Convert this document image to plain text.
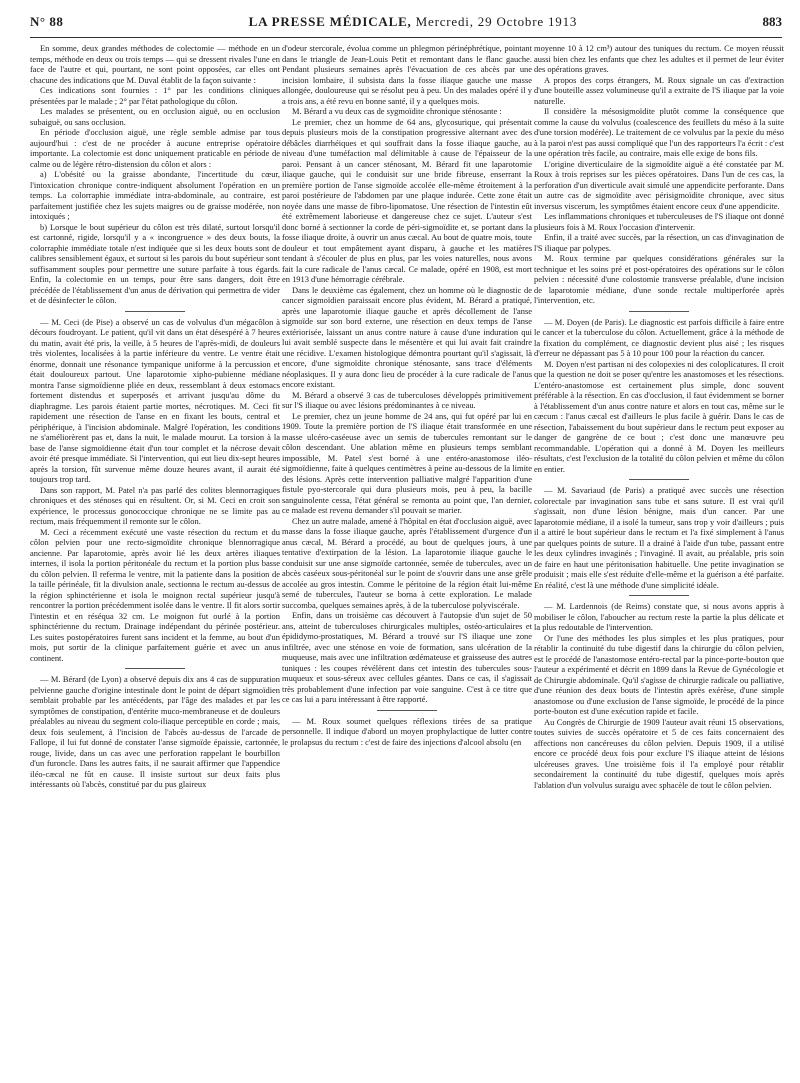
N° 88	LA PRESSE MÉDICALE, Mercredi, 29 Octobre 1913	883

En somme, deux grandes méthodes de colectomie — méthode en un temps, méthode en deux ou trois temps — qui se dressent rivales l'une en face de l'autre et qui, pourtant, ne sont point opposées, car elles ont chacune des indications que M. Duval établit de la façon suivante :

Ces indications sont fournies : 1° par les conditions cliniques présentées par le malade ; 2° par l'état pathologique du côlon.

Les malades se présentent, ou en occlusion aiguë, ou en occlusion subaiguë, ou sans occlusion.

En période d'occlusion aiguë, une règle semble admise par tous aujourd'hui : c'est de ne procéder à aucune entreprise opératoire importante. La colectomie est donc uniquement praticable en période de calme ou de légère rétro-distension du côlon et alors :

a) L'obésité ou la graisse abondante, l'incertitude du cœur, l'intoxication chronique contre-indiquent absolument l'opération en un temps. La colorraphie immédiate intra-abdominale, au contraire, est parfaitement justifiée chez les sujets maigres ou de graisse modérée, non intoxiqués ;

b) Lorsque le bout supérieur du côlon est très dilaté, surtout lorsqu'il est cartonné, rigide, lorsqu'il y a « incongruence » des deux bouts, la colorraphie immédiate totale n'est indiquée que si les deux bouts sont de calibres sensiblement égaux, et surtout si les parois du bout supérieur sont suffisamment souples pour permettre une suture parfaite à tous égards. Enfin, la colectomie en un temps, pour être sans dangers, doit être précédée de l'établissement d'un anus de dérivation qui permettra de vider et de désinfecter le côlon.

— M. Ceci (de Pise) a observé un cas de volvulus d'un mégacôlon à décours foudroyant. Le patient, qu'il vit dans un état désespéré à 7 heures du matin, avait été pris, la veille, à 5 heures de l'après-midi, de douleurs très violentes, localisées à la partie inférieure du ventre. Le ventre était énorme, donnait une résonance tympanique uniforme à la percussion et était douloureux partout. Une laparotomie xipho-pubienne médiane montra l'anse sigmoïdienne pliée en deux, ressemblant à deux estomacs fortement distendus et superposés et arrivant jusqu'au dôme du diaphragme. Les parois étaient partie mortes, nécrotiques. M. Ceci fit rapidement une résection de l'anse en en fixant les bouts, central et périphérique, à l'incision abdominale. Malgré l'opération, les conditions ne s'améliorèrent pas et, dans la nuit, le malade mourut. La torsion à la base de l'anse sigmoïdienne était d'un tour complet et la nécrose devait avoir été presque immédiate. Si l'intervention, qui eut lieu dix-sept heures après la torsion, fût survenue même douze heures avant, il aurait été toujours trop tard.

Dans son rapport, M. Patel n'a pas parlé des colites blennorragiques chroniques et des sténoses qui en résultent. Or, si M. Ceci en croit son expérience, le processus gonococcique chronique ne se limite pas au rectum, mais fréquemment il remonte sur le côlon.

M. Ceci a récemment exécuté une vaste résection du rectum et du côlon pelvien pour une recto-sigmoïdite chronique blennorragique ancienne. Par laparotomie, après avoir lié les deux artères iliaques internes, il isola la portion péritonéale du rectum et la portion plus basse du côlon pelvien. Il referma le ventre, mit la patiente dans la position de la taille périnéale, fit la divulsion anale, sectionna le rectum au-dessus de la région sphinctérienne et isola le moignon rectal supérieur jusqu'à rencontrer la portion précédemment isolée dans le ventre. Il fit alors sortir l'intestin et en réséqua 32 cm. Le moignon fut ourlé à la portion sphinctérienne du rectum. Drainage indépendant du périnée postérieur. Les suites postopératoires furent sans incident et la femme, au bout d'un mois, put sortir de la clinique parfaitement guérie et avec un anus continent.

— M. Bérard (de Lyon) a observé depuis dix ans 4 cas de suppuration pelvienne gauche d'origine intestinale dont le point de départ sigmoïdien semblait probable par les antécédents, par l'âge des malades et par les symptômes de constipation, d'entérite muco-membraneuse et de douleurs préalables au niveau du segment colo-iliaque perceptible en corde ; mais, deux fois seulement, à l'incision de l'abcès au-dessus de l'arcade de Fallope, il lui fut donné de constater l'anse sigmoïde épaissie, cartonnée, rouge, livide, dans un cas avec une perforation rappelant le bourbillon d'un furoncle. Dans les autres faits, il ne saurait affirmer que l'appendice iléo-cæcal ne fût en cause. Il insiste surtout sur deux faits plus intéressants où l'abcès, constitué par du pus glaireux

d'odeur stercorale, évolua comme un phlegmon périnéphrétique, pointant dans le triangle de Jean-Louis Petit et remontant dans le flanc gauche. Pendant plusieurs semaines après l'évacuation de ces abcès par une incision lombaire, il subsista dans la fosse iliaque gauche une masse allongée, douloureuse qui se résolut peu à peu. Un des malades opéré il y a trois ans, a été revu en bonne santé, il y a quelques mois.

M. Bérard a vu deux cas de sygmoïdite chronique sténosante :

Le premier, chez un homme de 64 ans, glycosurique, qui présentait depuis plusieurs mois de la constipation progressive alternant avec des débâcles diarrhéiques et qui souffrait dans la fosse iliaque gauche, au niveau d'une tuméfaction mal délimitable à cause de l'épaisseur de la paroi. Pensant à un cancer sténosant, M. Bérard fit une laparotomie iliaque gauche, qui le conduisit sur une bride fibreuse, enserrant la première portion de l'anse sigmoïde accolée elle-même étroitement à la paroi postérieure de l'abdomen par une plaque indurée. Cette zone était noyée dans une masse de fibro-lipomatose. Une résection de l'intestin eût été extrêmement laborieuse et dangereuse chez ce sujet. L'auteur s'est donc borné à sectionner la corde de péri-sigmoïdite et, se portant dans la fosse iliaque droite, à ouvrir un anus cæcal. Au bout de quatre mois, toute douleur et tout empâtement ayant disparu, à gauche et les matières tendant à s'écouler de plus en plus, par les voies naturelles, nous avons fait la cure radicale de l'anus cæcal. Ce malade, opéré en 1908, est mort en 1913 d'une hémorragie cérébrale.

Dans le deuxième cas également, chez un homme où le diagnostic de cancer sigmoïdien paraissait encore plus évident, M. Bérard a pratiqué, après une laparotomie iliaque gauche et après décollement de l'anse sigmoïde sur son bord externe, une résection en deux temps de l'anse extériorisée, laissant un anus contre nature à cause d'une induration qui lui avait semblé suspecte dans le mésentère et qui lui avait fait craindre une récidive. L'examen histologique démontra pourtant qu'il s'agissait, là encore, d'une sigmoïdite chronique sténosante, sans trace d'éléments néoplasiques. Il y aura donc lieu de procéder à la cure radicale de l'anus encore existant.

M. Bérard a observé 3 cas de tuberculoses développés primitivement sur l'S iliaque ou avec lésions prédominantes à ce niveau.

Le premier, chez un jeune homme de 24 ans, qui fut opéré par lui en 1909. Toute la première portion de l'S iliaque était transformée en une masse ulcéro-caséeuse avec un semis de tubercules remontant sur le côlon descendant. Une ablation même en plusieurs temps semblant impossible, M. Patel s'est borné à une entéro-anastomose iléo-sigmoïdienne, faite à quelques centimètres à peine au-dessous de la limite des lésions. Après cette intervention palliative malgré l'apparition d'une fistule pyo-stercorale qui dura plusieurs mois, peu à peu, la bacille sanguinolente cessa, l'état général se remonta au point que, l'an dernier, ce malade est revenu demander s'il pouvait se marier.

Chez un autre malade, amené à l'hôpital en état d'occlusion aiguë, avec masse dans la fosse iliaque gauche, après l'établissement d'urgence d'un anus cæcal, M. Bérard a procédé, au bout de quelques jours, à une tentative d'extirpation de la lésion. La laparotomie iliaque gauche le conduisit sur une anse sigmoïde cartonnée, semée de tubercules, avec un abcès caséeux sous-péritonéal sur le point de s'ouvrir dans une anse grêle accolée au gros intestin. Comme le péritoine de la région était lui-même semé de tubercules, l'auteur se borna à cette exploration. Le malade succomba, quelques semaines après, à de la tuberculose polyviscérale.

Enfin, dans un troisième cas découvert à l'autopsie d'un sujet de 50 ans, atteint de tuberculoses chirurgicales multiples, ostéo-articulaires et épididymo-prostatiques, M. Bérard a trouvé sur l'S iliaque une zone infiltrée, avec une sténose en voie de formation, sans ulcération de la muqueuse, mais avec une infiltration œdémateuse et graisseuse des autres tuniques : les coupes révélèrent dans cet intestin des tubercules sous-muqueux et sous-séreux avec cellules géantes. Dans ce cas, il s'agissait très probablement d'une infection par voie sanguine. C'est à ce titre que ce cas lui a paru intéressant à être rapporté.

— M. Roux soumet quelques réflexions tirées de sa pratique personnelle. Il indique d'abord un moyen prophylactique de lutter contre le prolapsus du rectum : c'est de faire des injections d'alcool absolu (en

moyenne 10 à 12 cm³) autour des tuniques du rectum. Ce moyen réussit aussi bien chez les enfants que chez les adultes et il permet de leur éviter des opérations graves.

A propos des corps étrangers, M. Roux signale un cas d'extraction d'une bouteille assez volumineuse qu'il a extraite de l'S iliaque par la voie naturelle.

Il considère la mésosigmoïdite plutôt comme la conséquence que comme la cause du volvulus (coalescence des feuillets du méso à la suite d'une torsion modérée). Le traitement de ce volvulus par la pexie du méso à la paroi n'est pas aussi compliqué que l'un des rapporteurs l'a écrit : c'est une opération très facile, au contraire, mais elle exige de bons fils.

L'origine diverticulaire de la sigmoïdite aiguë a été constatée par M. Roux à trois reprises sur les pièces opératoires. Dans l'un de ces cas, la perforation d'un diverticule avait simulé une appendicite perforante. Dans un autre cas de sigmoïdite avec périsigmoïdite chronique, avec situs inversus viscerum, les symptômes étaient encore ceux d'une appendicite.

Les inflammations chroniques et tuberculeuses de l'S iliaque ont donné plusieurs fois à M. Roux l'occasion d'intervenir.

Enfin, il a traité avec succès, par la résection, un cas d'invagination de l'S iliaque par polypes.

M. Roux termine par quelques considérations générales sur la technique et les soins pré et post-opératoires des opérations sur le côlon pelvien : nécessité d'une colostomie transverse préalable, d'une incision de laparotomie médiane, d'une sonde rectale multiperforée après l'intervention, etc.

— M. Doyen (de Paris). Le diagnostic est parfois difficile à faire entre le cancer et la tuberculose du côlon. Actuellement, grâce à la méthode de la fixation du complément, ce diagnostic devient plus aisé ; les risques d'erreur ne dépassant pas 5 à 10 pour 100 pour la réaction du cancer.

M. Doyen n'est partisan ni des colopexies ni des coloplicatures. Il croit que la question ne doit se poser qu'entre les anastomoses et les résections. L'entéro-anastomose est certainement plus simple, donc souvent préférable à la résection. En cas d'occlusion, il faut évidemment se borner à l'établissement d'un anus contre nature et alors en tout cas, même sur le cæcum : l'anus cæcal est d'ailleurs le plus facile à guérir. Dans le cas de résection, l'abaissement du bout supérieur dans le rectum peut exposer au danger de gangrène de ce bout ; c'est donc une manœuvre peu recommandable. L'opération qui a donné à M. Doyen les meilleurs résultats, c'est l'exclusion de la totalité du côlon pelvien et même du côlon en entier.

— M. Savariaud (de Paris) a pratiqué avec succès une résection colorectale par invagination sans tube et sans suture. Il est vrai qu'il s'agissait, non d'une lésion bénigne, mais d'un cancer. Par une laparotomie médiane, il a isolé la tumeur, sans trop y voir d'ailleurs ; puis il a attiré le bout supérieur dans le rectum et l'a fixé simplement à l'anus par quelques points de suture. Il a drainé à l'aide d'un tube, passant entre les deux cylindres invaginés ; l'invaginé. Il avait, au préalable, pris soin de faire en haut une péritonisation habituelle. Une petite invagination se produisit ; mais elle s'est réduite d'elle-même et la guérison a été parfaite. En réalité, c'est là une méthode d'une simplicité idéale.

— M. Lardennois (de Reims) constate que, si nous avons appris à mobiliser le côlon, l'aboucher au rectum reste la partie la plus délicate et la plus redoutable de l'intervention.

Or l'une des méthodes les plus simples et les plus pratiques, pour rétablir la continuité du tube digestif dans la chirurgie du côlon pelvien, est le procédé de l'anastomose entéro-rectal par la pince-porte-bouton que l'auteur a expérimenté et décrit en 1899 dans la Revue de Gynécologie et de Chirurgie abdominale. Qu'il s'agisse de chirurgie radicale ou palliative, d'une réunion des deux bouts de l'intestin après exérèse, d'une simple anastomose ou d'une exclusion de l'anse sigmoïde, le procédé de la pince porte-bouton est d'une exécution rapide et facile.

Au Congrès de Chirurgie de 1909 l'auteur avait réuni 15 observations, toutes suivies de succès opératoire et 5 de ces faits concernaient des affections non cancéreuses du côlon pelvien. Depuis 1909, il a utilisé encore ce procédé deux fois pour exclure l'S iliaque atteint de lésions ulcéreuses graves. Une troisième fois il l'a employé pour rétablir secondairement la continuité du tube digestif, quelques mois après l'ablation d'un volvulus suraigu avec sphacèle de tout le côlon pelvien.
